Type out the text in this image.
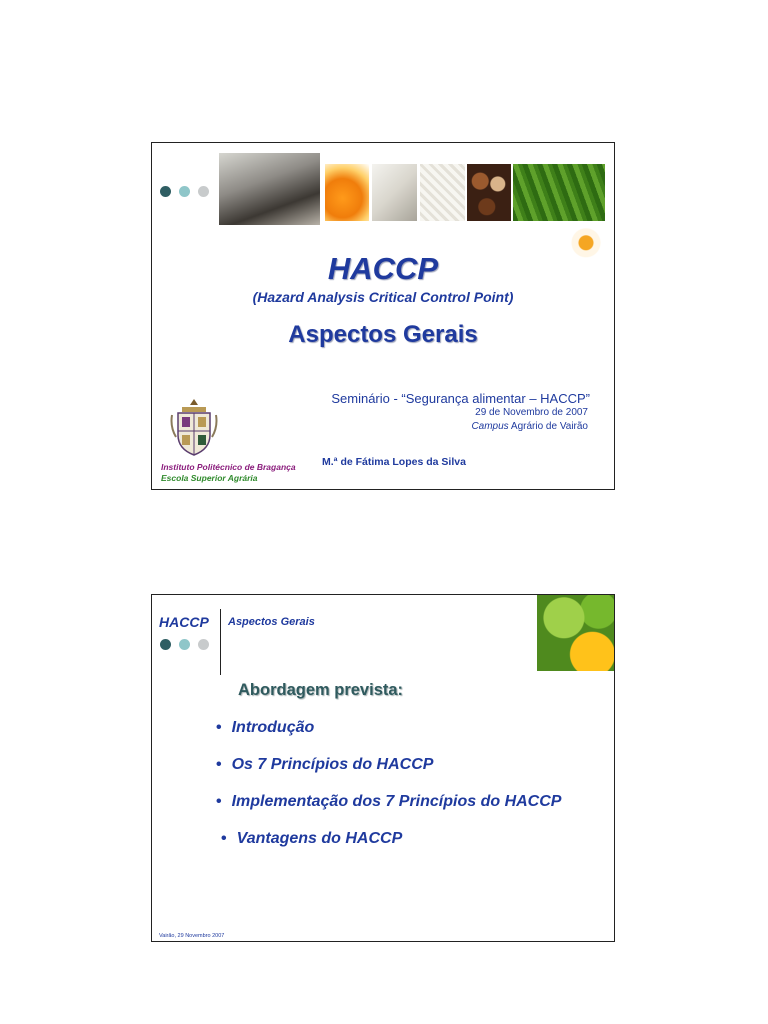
HACCP
(Hazard Analysis Critical Control Point)
Aspectos Gerais
Seminário - “Segurança alimentar – HACCP”
29 de Novembro de 2007
Campus Agrário de Vairão
Instituto Politécnico de Bragança
Escola Superior Agrária
M.ª de Fátima Lopes da Silva
HACCP Aspectos Gerais
Abordagem prevista:
• Introdução
• Os 7 Princípios do HACCP
• Implementação dos 7 Princípios do HACCP
• Vantagens do HACCP
Vairão, 29 Novembro 2007
